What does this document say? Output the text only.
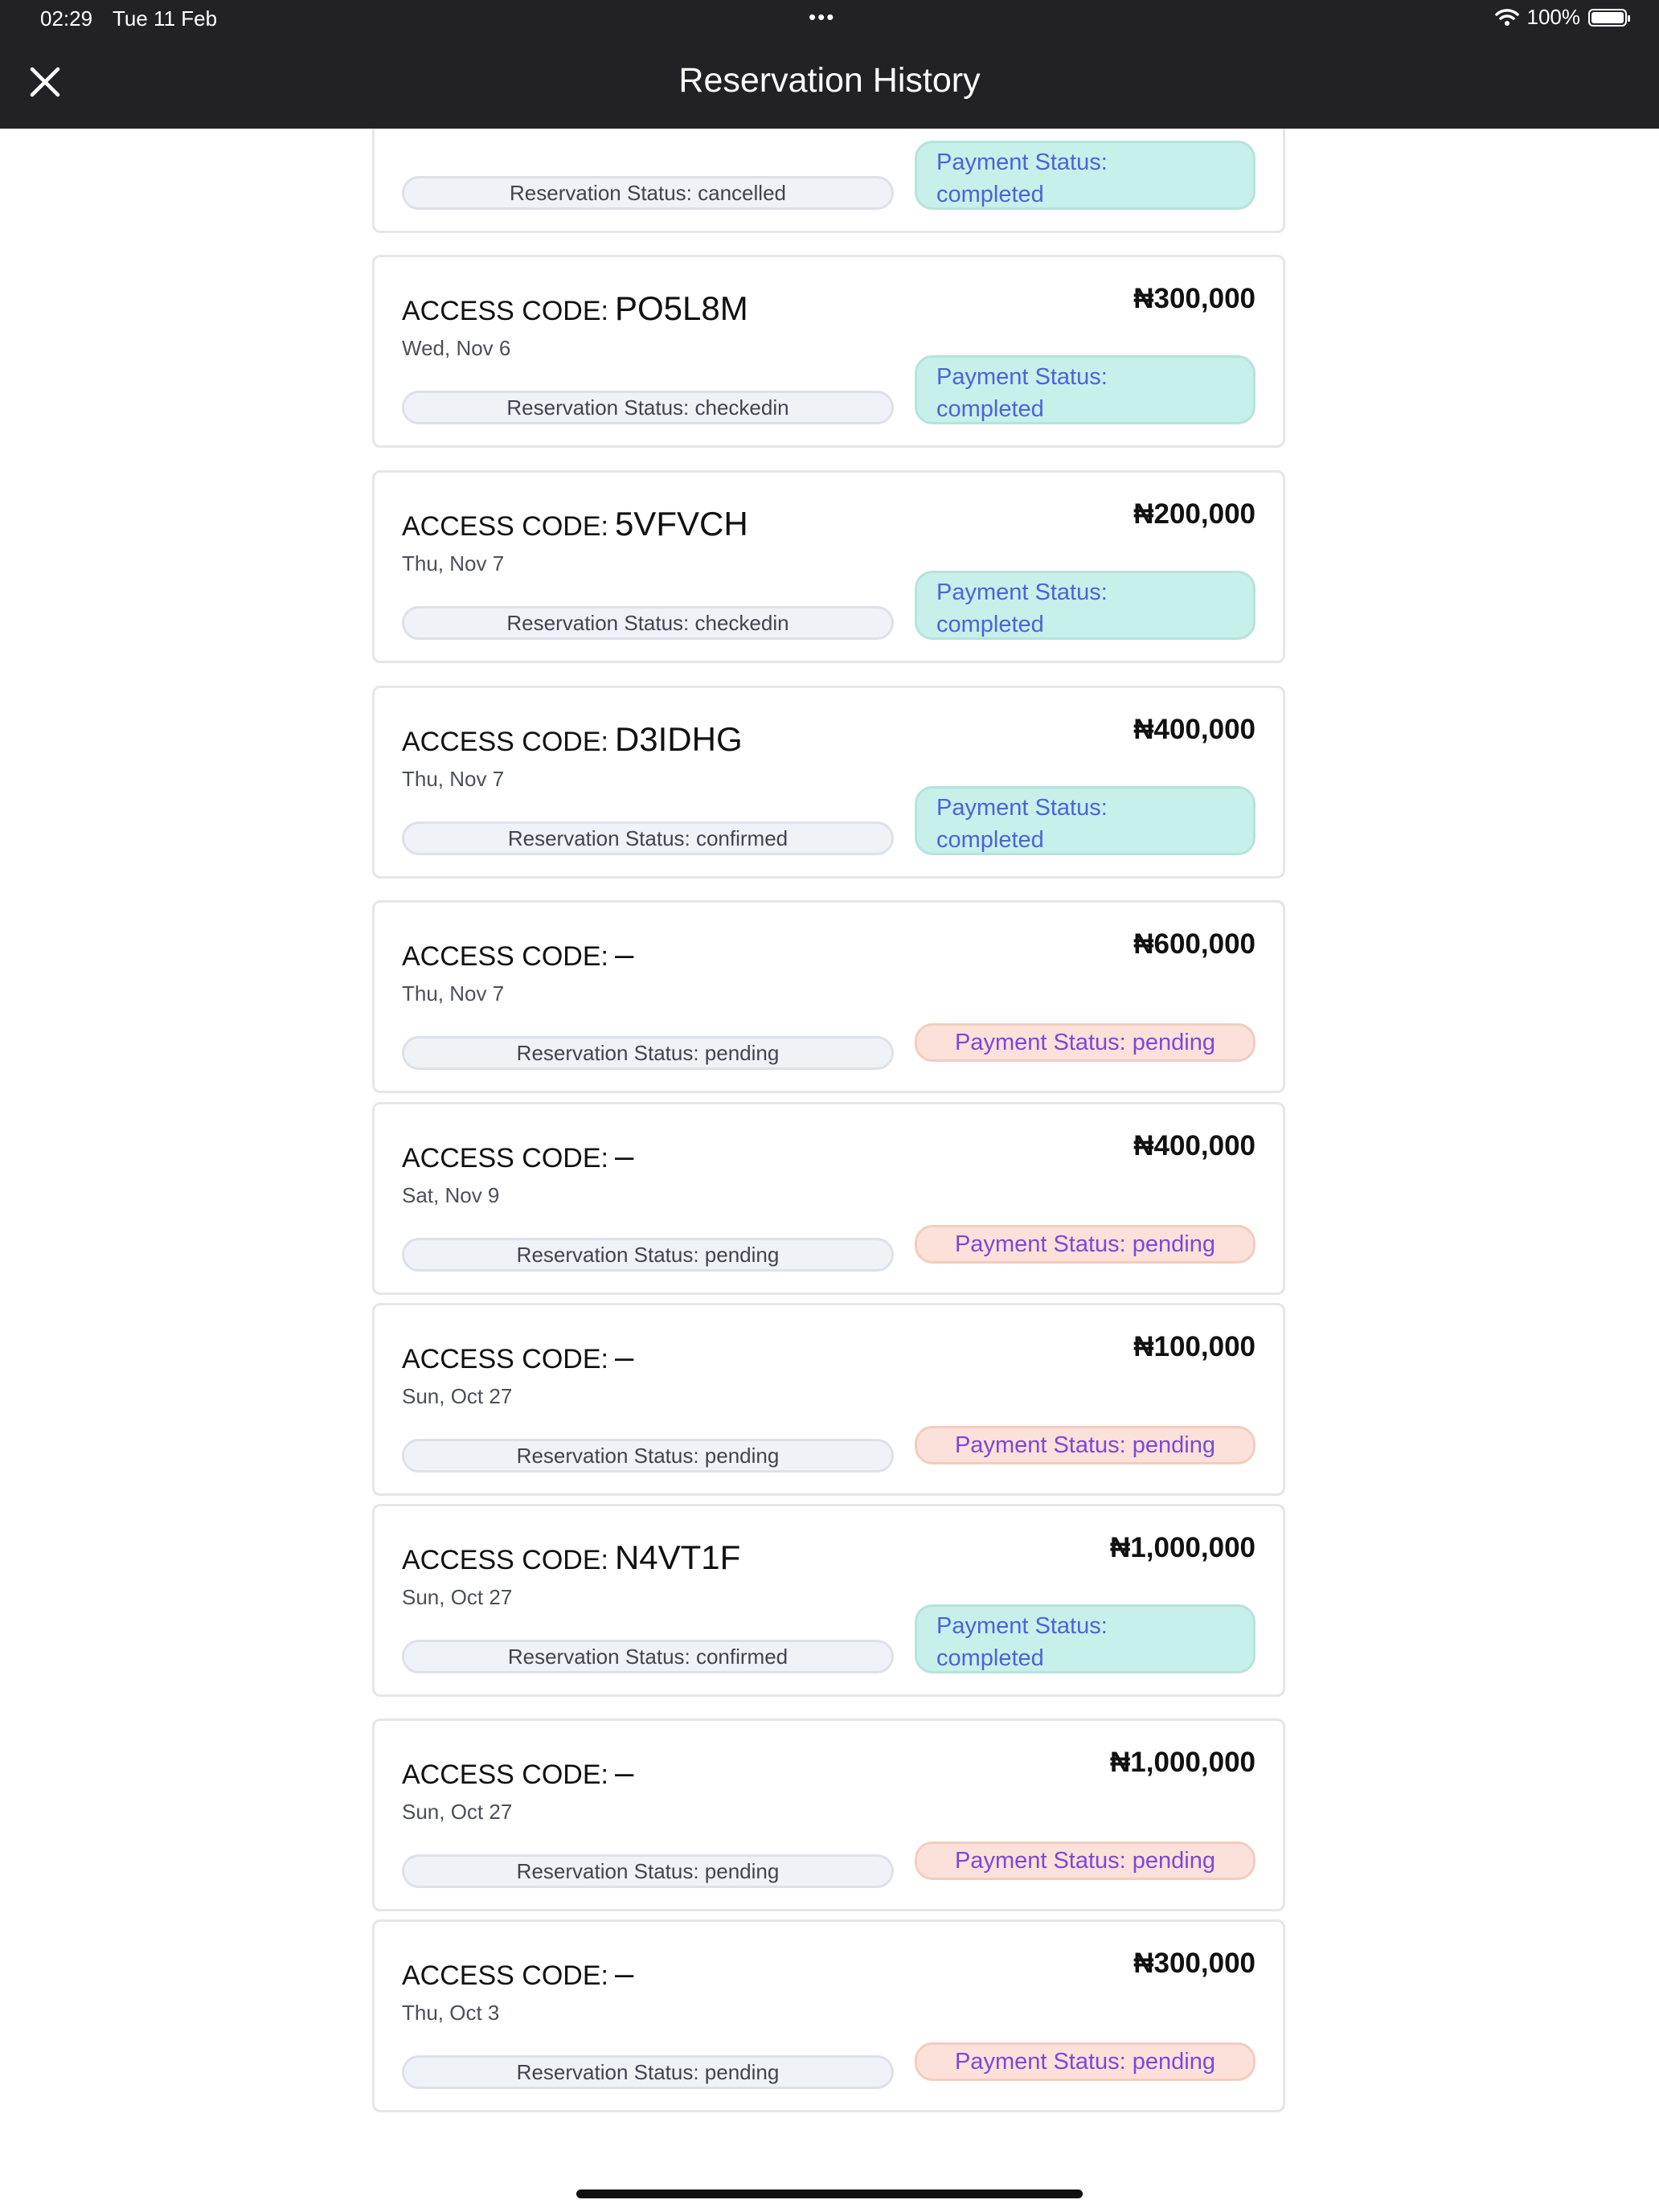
02:29 Tue 11 Feb	•••	100%
Reservation History
Reservation Status: cancelled
Payment Status:
completed
ACCESS CODE: PO5L8M	₦300,000
Wed, Nov 6
Reservation Status: checkedin
Payment Status:
completed
ACCESS CODE: 5VFVCH	₦200,000
Thu, Nov 7
Reservation Status: checkedin
Payment Status:
completed
ACCESS CODE: D3IDHG	₦400,000
Thu, Nov 7
Reservation Status: confirmed
Payment Status:
completed
ACCESS CODE: –	₦600,000
Thu, Nov 7
Reservation Status: pending	Payment Status: pending
ACCESS CODE: –	₦400,000
Sat, Nov 9
Reservation Status: pending	Payment Status: pending
ACCESS CODE: –	₦100,000
Sun, Oct 27
Reservation Status: pending	Payment Status: pending
ACCESS CODE: N4VT1F	₦1,000,000
Sun, Oct 27
Reservation Status: confirmed
Payment Status:
completed
ACCESS CODE: –	₦1,000,000
Sun, Oct 27
Reservation Status: pending	Payment Status: pending
ACCESS CODE: –	₦300,000
Thu, Oct 3
Reservation Status: pending	Payment Status: pending
